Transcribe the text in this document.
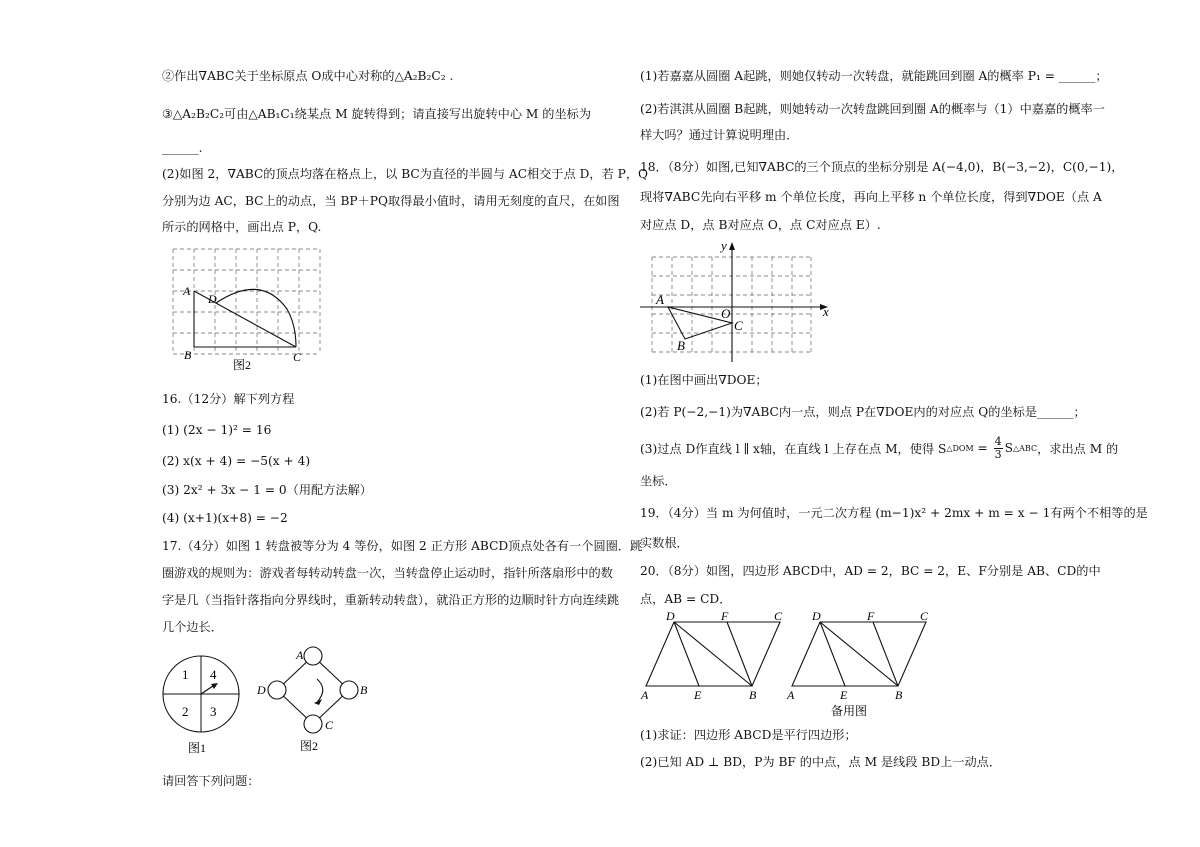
②作出∇ABC关于坐标原点 O成中心对称的△A₂B₂C₂ .
③△A₂B₂C₂可由△AB₁C₁绕某点 M 旋转得到；请直接写出旋转中心 M 的坐标为
______.
(2)如图 2，∇ABC的顶点均落在格点上，以 BC为直径的半圆与 AC相交于点 D，若 P，Q
分别为边 AC，BC上的动点，当 BP＋PQ取得最小值时，请用无刻度的直尺，在如图
所示的网格中，画出点 P，Q.
A
D
B	C
图2
16.（12分）解下列方程
(1) (2x − 1)² = 16
(2) x(x + 4) = −5(x + 4)
(3) 2x² + 3x − 1 = 0（用配方法解）
(4) (x+1)(x+8) = −2
17.（4分）如图 1 转盘被等分为 4 等份，如图 2 正方形 ABCD顶点处各有一个圆圈．跳
圈游戏的规则为：游戏者每转动转盘一次，当转盘停止运动时，指针所落扇形中的数
字是几（当指针落指向分界线时，重新转动转盘），就沿正方形的边顺时针方向连续跳
几个边长．
1 4
2 3
图1
A
B
C
D
图2
请回答下列问题：
(1)若嘉嘉从圆圈 A起跳，则她仅转动一次转盘，就能跳回到圈 A的概率 P₁ = ______；
(2)若淇淇从圆圈 B起跳，则她转动一次转盘跳回到圈 A的概率与（1）中嘉嘉的概率一
样大吗？通过计算说明理由．
18．（8分）如图,已知∇ABC的三个顶点的坐标分别是 A(−4,0)，B(−3,−2)，C(0,−1)，
现将∇ABC先向右平移 m 个单位长度，再向上平移 n 个单位长度，得到∇DOE（点 A
对应点 D，点 B对应点 O，点 C对应点 E）.
y
x
A
O
C
B
(1)在图中画出∇DOE；
(2)若 P(−2,−1)为∇ABC内一点，则点 P在∇DOE内的对应点 Q的坐标是______；
(3)过点 D作直线 l ∥ x轴，在直线 l 上存在点 M，使得 S △DOM = $\frac{4}{3}$ S △ABC ，求出点 M 的
坐标．
19．（4分）当 m 为何值时，一元二次方程 (m−1)x² + 2mx + m = x − 1有两个不相等的是
实数根．
20．（8分）如图，四边形 ABCD中，AD = 2，BC = 2，E、F分别是 AB、CD的中
点，AB = CD．
D	F	C
A	E	B
D	F	C
A	E	B
备用图
(1)求证：四边形 ABCD是平行四边形；
(2)已知 AD ⊥ BD，P为 BF 的中点，点 M 是线段 BD上一动点．
